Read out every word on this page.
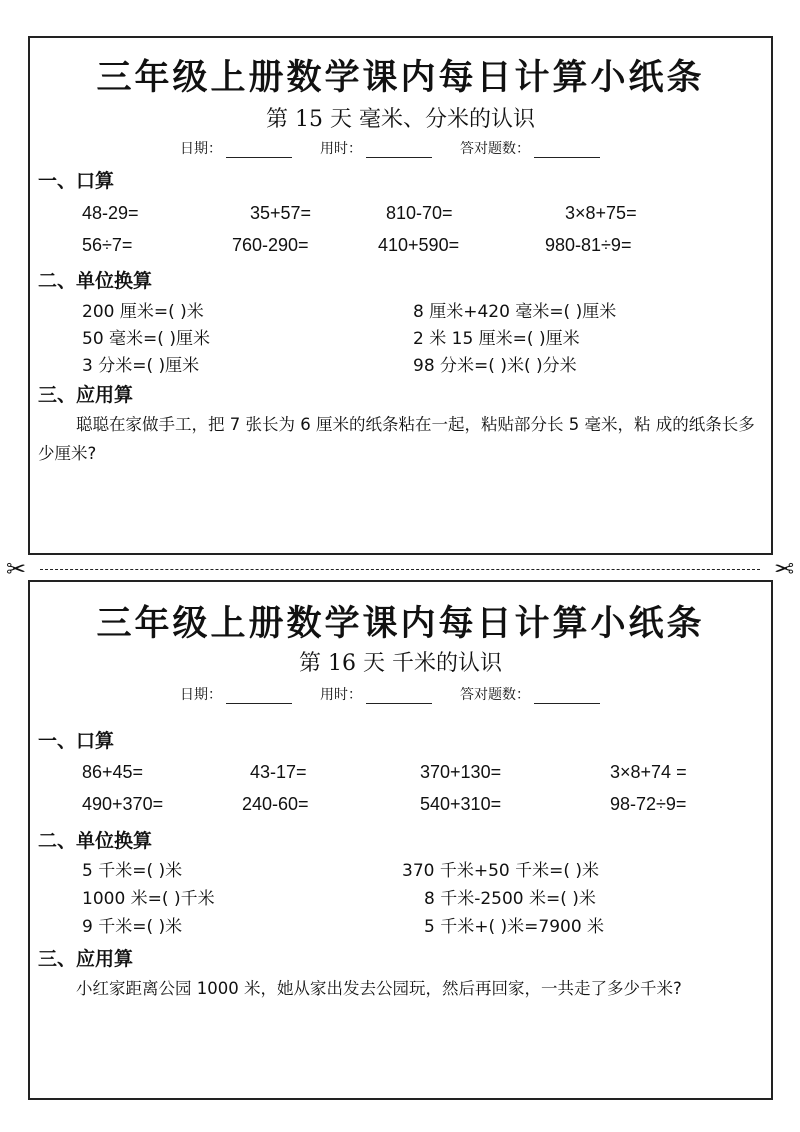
三年级上册数学课内每日计算小纸条
第 15 天 毫米、分米的认识
日期：	用时：	答对题数：
一、口算
48-29=	35+57=	810-70=	3×8+75=
56÷7=	760-290=	410+590=	980-81÷9=
二、单位换算
200 厘米=( )米	8 厘米+420 毫米=( )厘米
50 毫米=( )厘米	2 米 15 厘米=( )厘米
3 分米=( )厘米	98 分米=( )米( )分米
三、应用算
聪聪在家做手工，把 7 张长为 6 厘米的纸条粘在一起，粘贴部分长 5 毫米，粘 成的纸条长多少厘米?
✂	✂
三年级上册数学课内每日计算小纸条
第 16 天 千米的认识
日期：	用时：	答对题数：
一、口算
86+45=	43-17=	370+130=	3×8+74 =
490+370=	240-60=	540+310=	98-72÷9=
二、单位换算
5 千米=( )米	370 千米+50 千米=( )米
1000 米=( )千米	8 千米-2500 米=( )米
9 千米=( )米	5 千米+( )米=7900 米
三、应用算
小红家距离公园 1000 米，她从家出发去公园玩，然后再回家，一共走了多少千米?
